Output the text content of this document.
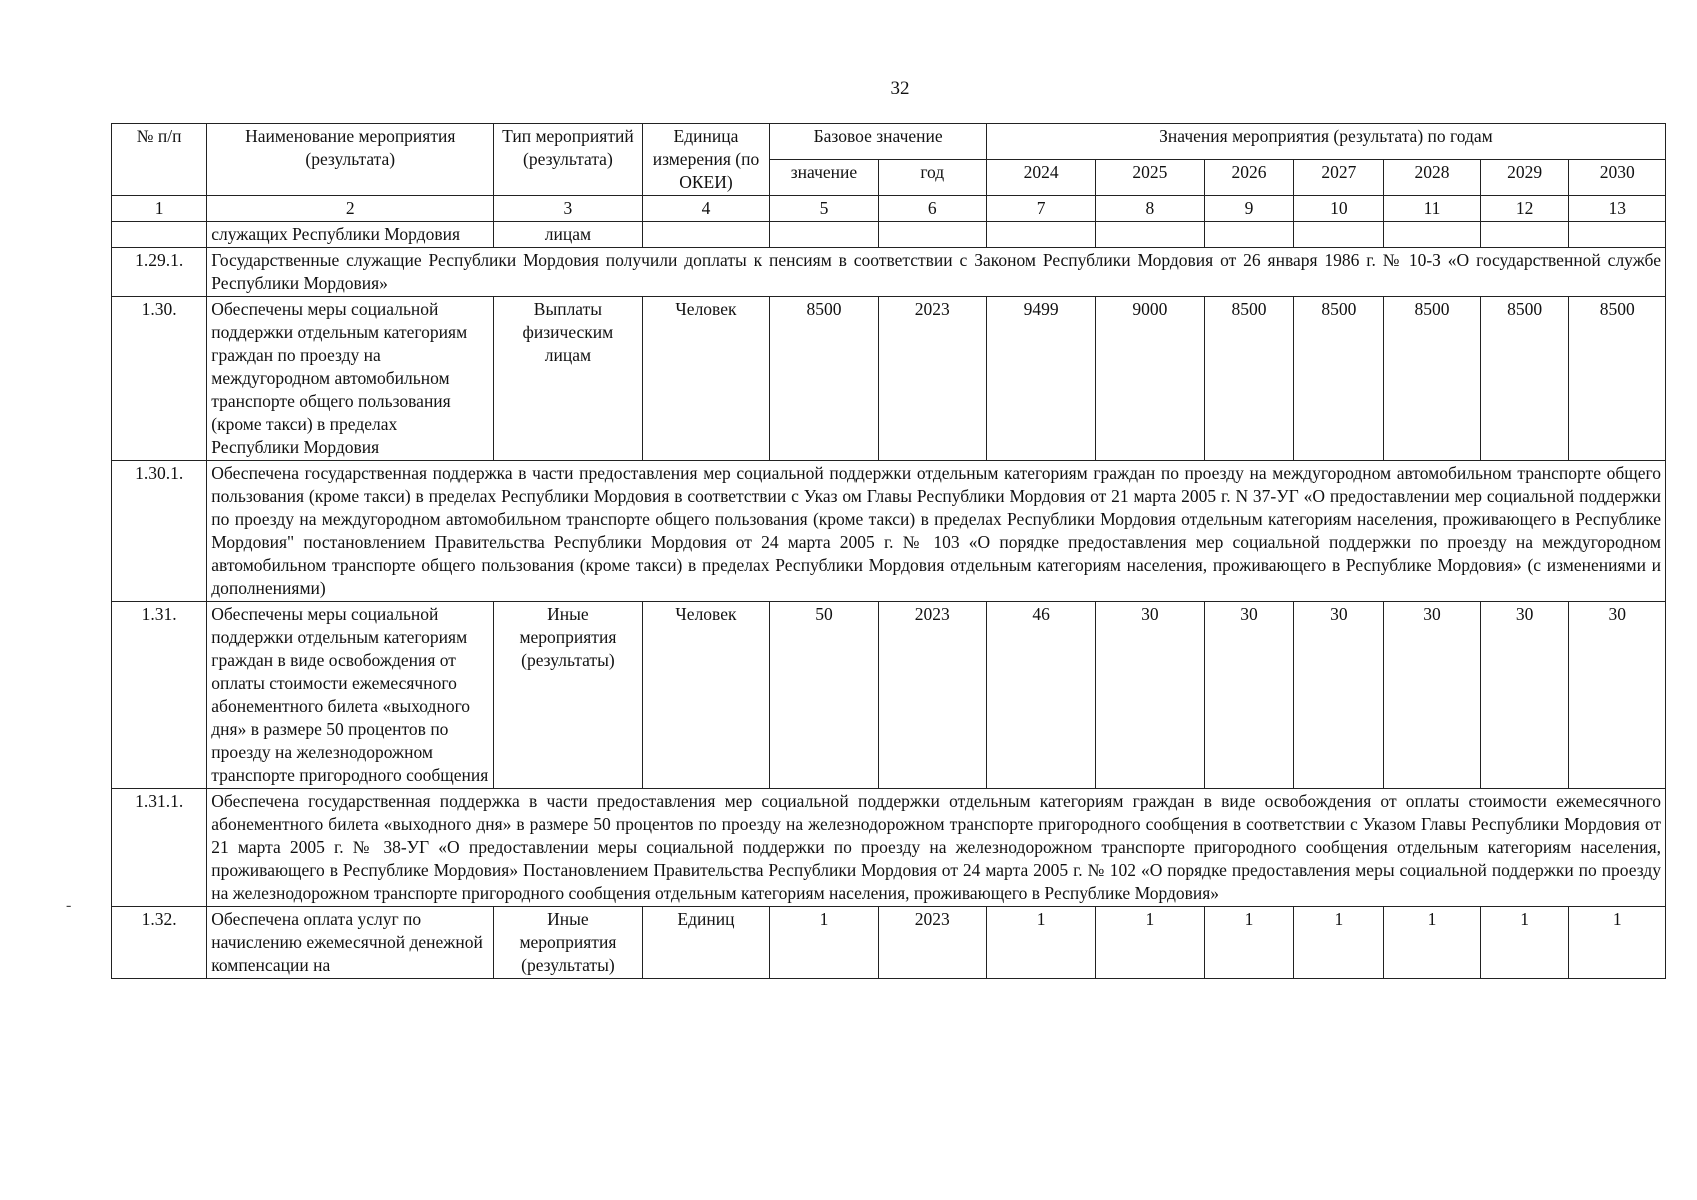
32
-
№ п/п	Наименование мероприятия (результата)	Тип мероприятий (результата)	Единица измерения (по ОКЕИ)	Базовое значение		Значения мероприятия (результата) по годам						
				значение	год	2024	2025	2026	2027	2028	2029	2030
1	2	3	4	5	6	7	8	9	10	11	12	13
	служащих Республики Мордовия	лицам										
1.29.1.	Государственные служащие Республики Мордовия получили доплаты к пенсиям в соответствии с Законом Республики Мордовия от 26 января 1986 г. № 10-З «О государственной службе Республики Мордовия»											
1.30.	Обеспечены меры социальной поддержки отдельным категориям граждан по проезду на междугородном автомобильном транспорте общего пользования (кроме такси) в пределах Республики Мордовия	Выплаты физическим лицам	Человек	8500	2023	9499	9000	8500	8500	8500	8500	8500
1.30.1.	Обеспечена государственная поддержка в части предоставления мер социальной поддержки отдельным категориям граждан по проезду на междугородном автомобильном транспорте общего пользования (кроме такси) в пределах Республики Мордовия в соответствии с Указ ом Главы Республики Мордовия от 21 марта 2005 г. N 37-УГ «О предоставлении мер социальной поддержки по проезду на междугородном автомобильном транспорте общего пользования (кроме такси) в пределах Республики Мордовия отдельным категориям населения, проживающего в Республике Мордовия" постановлением Правительства Республики Мордовия от 24 марта 2005 г. № 103 «О порядке предоставления мер социальной поддержки по проезду на междугородном автомобильном транспорте общего пользования (кроме такси) в пределах Республики Мордовия отдельным категориям населения, проживающего в Республике Мордовия» (с изменениями и дополнениями)											
1.31.	Обеспечены меры социальной поддержки отдельным категориям граждан в виде освобождения от оплаты стоимости ежемесячного абонементного билета «выходного дня» в размере 50 процентов по проезду на железнодорожном транспорте пригородного сообщения	Иные мероприятия (результаты)	Человек	50	2023	46	30	30	30	30	30	30
1.31.1.	Обеспечена государственная поддержка в части предоставления мер социальной поддержки отдельным категориям граждан в виде освобождения от оплаты стоимости ежемесячного абонементного билета «выходного дня» в размере 50 процентов по проезду на железнодорожном транспорте пригородного сообщения в соответствии с Указом Главы Республики Мордовия от 21 марта 2005 г. № 38-УГ «О предоставлении меры социальной поддержки по проезду на железнодорожном транспорте пригородного сообщения отдельным категориям населения, проживающего в Республике Мордовия» Постановлением Правительства Республики Мордовия от 24 марта 2005 г. № 102 «О порядке предоставления меры социальной поддержки по проезду на железнодорожном транспорте пригородного сообщения отдельным категориям населения, проживающего в Республике Мордовия»											
1.32.	Обеспечена оплата услуг по начислению ежемесячной денежной компенсации на	Иные мероприятия (результаты)	Единиц	1	2023	1	1	1	1	1	1	1
